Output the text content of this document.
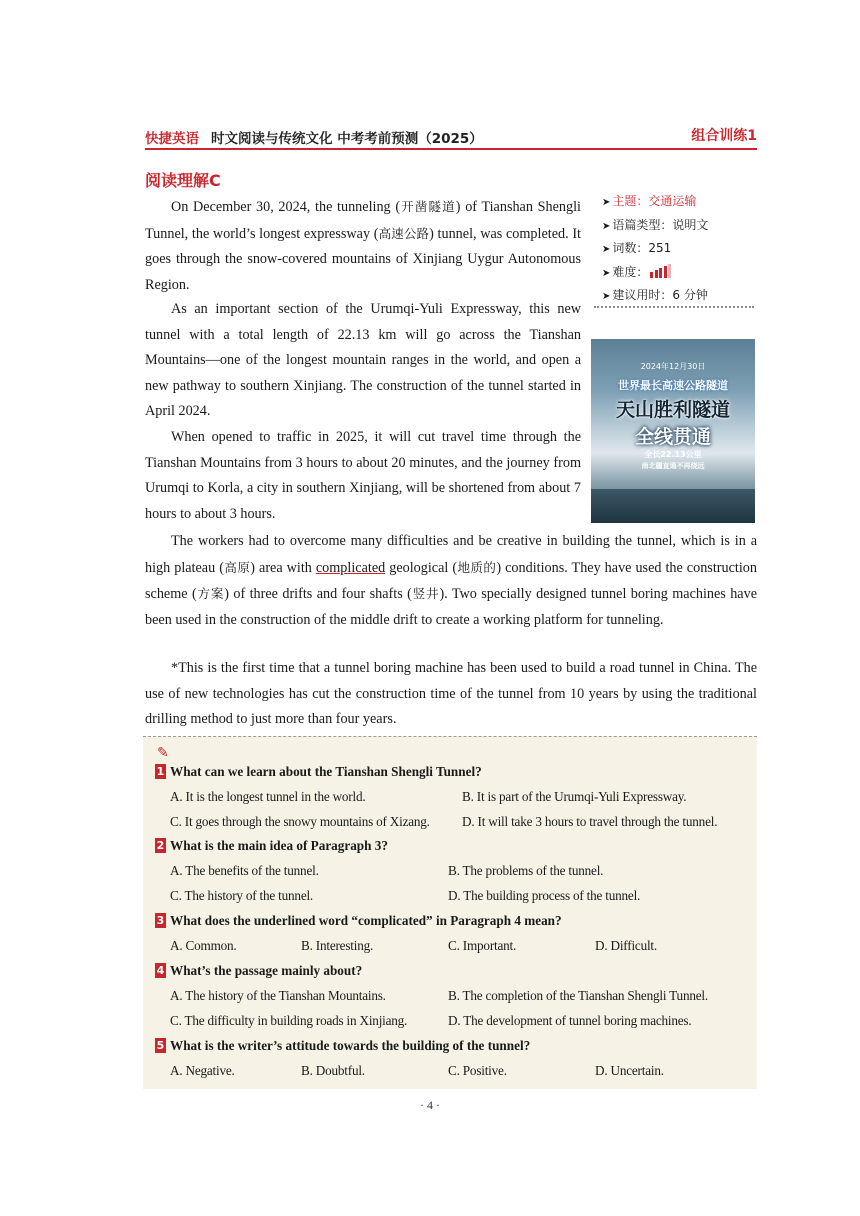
快捷英语 时文阅读与传统文化 中考考前预测（2025）	组合训练1
阅读理解C

On December 30, 2024, the tunneling (开凿隧道) of Tianshan Shengli Tunnel, the world’s longest expressway (高速公路) tunnel, was completed. It goes through the snow-covered mountains of Xinjiang Uygur Autonomous Region.

As an important section of the Urumqi-Yuli Expressway, this new tunnel with a total length of 22.13 km will go across the Tianshan Mountains—one of the longest mountain ranges in the world, and open a new pathway to southern Xinjiang. The construction of the tunnel started in April 2024.

When opened to traffic in 2025, it will cut travel time through the Tianshan Mountains from 3 hours to about 20 minutes, and the journey from Urumqi to Korla, a city in southern Xinjiang, will be shortened from about 7 hours to about 3 hours.

The workers had to overcome many difficulties and be creative in building the tunnel, which is in a high plateau (高原) area with complicated geological (地质的) conditions. They have used the construction scheme (方案) of three drifts and four shafts (竖井). Two specially designed tunnel boring machines have been used in the construction of the middle drift to create a working platform for tunneling.

*This is the first time that a tunnel boring machine has been used to build a road tunnel in China. The use of new technologies has cut the construction time of the tunnel from 10 years by using the traditional drilling method to just more than four years.

➤ 主题：交通运输
➤ 语篇类型：说明文
➤ 词数：251
➤ 难度：
➤ 建议用时：6 分钟
2024年12月30日
世界最长高速公路隧道
天山胜利隧道
全线贯通
全长22.13公里
南北疆直通不再绕远
✎
1 What can we learn about the Tianshan Shengli Tunnel?
A. It is the longest tunnel in the world.	B. It is part of the Urumqi-Yuli Expressway.
C. It goes through the snowy mountains of Xizang. D. It will take 3 hours to travel through the tunnel.
2 What is the main idea of Paragraph 3?
A. The benefits of the tunnel.	B. The problems of the tunnel.
C. The history of the tunnel.	D. The building process of the tunnel.
3 What does the underlined word “complicated” in Paragraph 4 mean?
A. Common.	B. Interesting.	C. Important.	D. Difficult.
4 What’s the passage mainly about?
A. The history of the Tianshan Mountains.	B. The completion of the Tianshan Shengli Tunnel.
C. The difficulty in building roads in Xinjiang.	D. The development of tunnel boring machines.
5 What is the writer’s attitude towards the building of the tunnel?
A. Negative.	B. Doubtful.	C. Positive.	D. Uncertain.
· 4 ·
